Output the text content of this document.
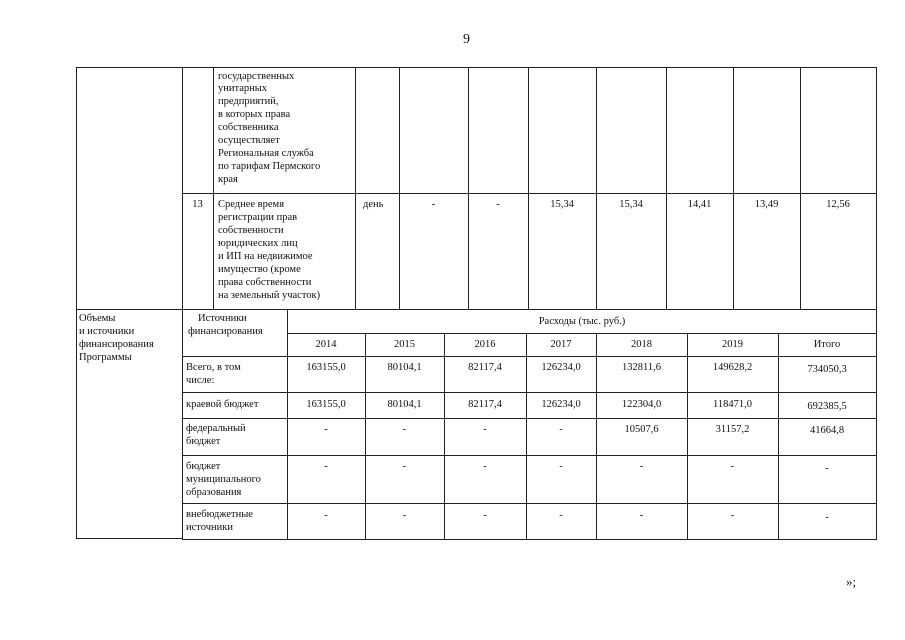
9
государственных
унитарных
предприятий,
в которых права
собственника
осуществляет
Региональная служба
по тарифам Пермского
края
13	Среднее время
регистрации прав
собственности
юридических лиц
и ИП на недвижимое
имущество (кроме
права собственности
на земельный участок)
день	-	-	15,34	15,34	14,41	13,49	12,56
Объемы
и источники
финансирования
Программы
Источники
финансирования
Расходы (тыс. руб.)
2014	2015	2016	2017	2018	2019	Итого
Всего, в том
числе:
163155,0	80104,1	82117,4	126234,0	132811,6	149628,2	734050,3
краевой бюджет	163155,0	80104,1	82117,4	126234,0	122304,0	118471,0	692385,5
федеральный
бюджет
-	-	-	-	10507,6	31157,2	41664,8
бюджет
муниципального
образования
-	-	-	-	-	-	-
внебюджетные
источники
-	-	-	-	-	-	-
»;
